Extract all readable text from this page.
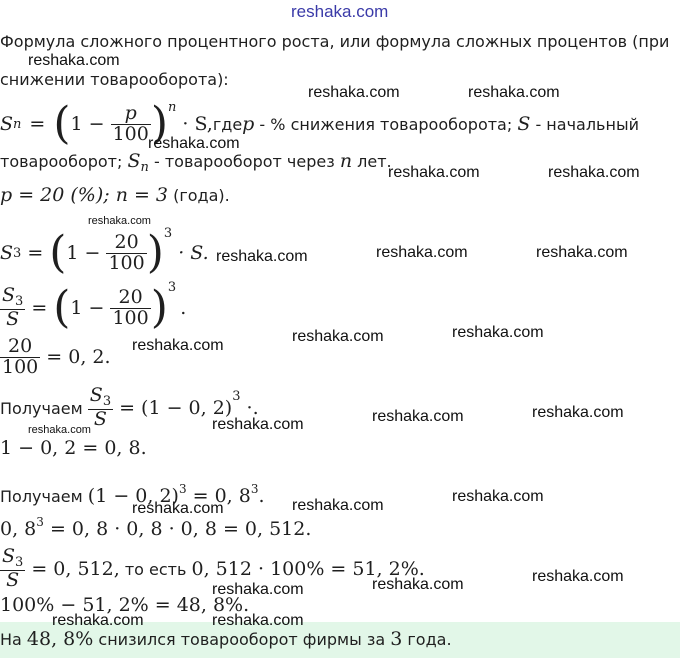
reshaka.com
Формула сложного процентного роста, или формула сложных процентов (при
снижении товарооборота):
S n = ( $1 - \frac{p}{100}$ ) n
· S, где p - % снижения товарооборота; S - начальный
товарооборот; $S_n$ - товарооборот через n лет.
p = 20 (%); n = 3 (года).
S 3 = ( $1 - \frac{20}{100}$ ) 3
· S.
$\frac{S_3}{S}$ = ( $1 - \frac{20}{100}$ ) 3
.
$\frac{20}{100} = 0$, 2.
Получаем $\frac{S_3}{S} = (1 - 0$, 2)
3
·.
1 − 0, 2 = 0, 8.
Получаем (1 − 0, 2)$^3$ = 0, $8^3$.
0, $8^3 = 0$, 8 · 0, 8 · 0, 8 = 0, 512.
$\frac{S_3}{S} = 0$, 512, то есть 0, 512 · 100% = 51, 2%.
100% − 51, 2% = 48, 8%.
На 48, 8% снизился товарооборот фирмы за 3 года.
reshaka.com
reshaka.com	reshaka.com
reshaka.com
reshaka.com	reshaka.com
reshaka.com
reshaka.com	reshaka.com	reshaka.com
reshaka.com
reshaka.com
reshaka.com
reshaka.com
reshaka.com
reshaka.com
reshaka.com
reshaka.com
reshaka.com
reshaka.com
reshaka.com
reshaka.com
reshaka.com
reshaka.com	reshaka.com
